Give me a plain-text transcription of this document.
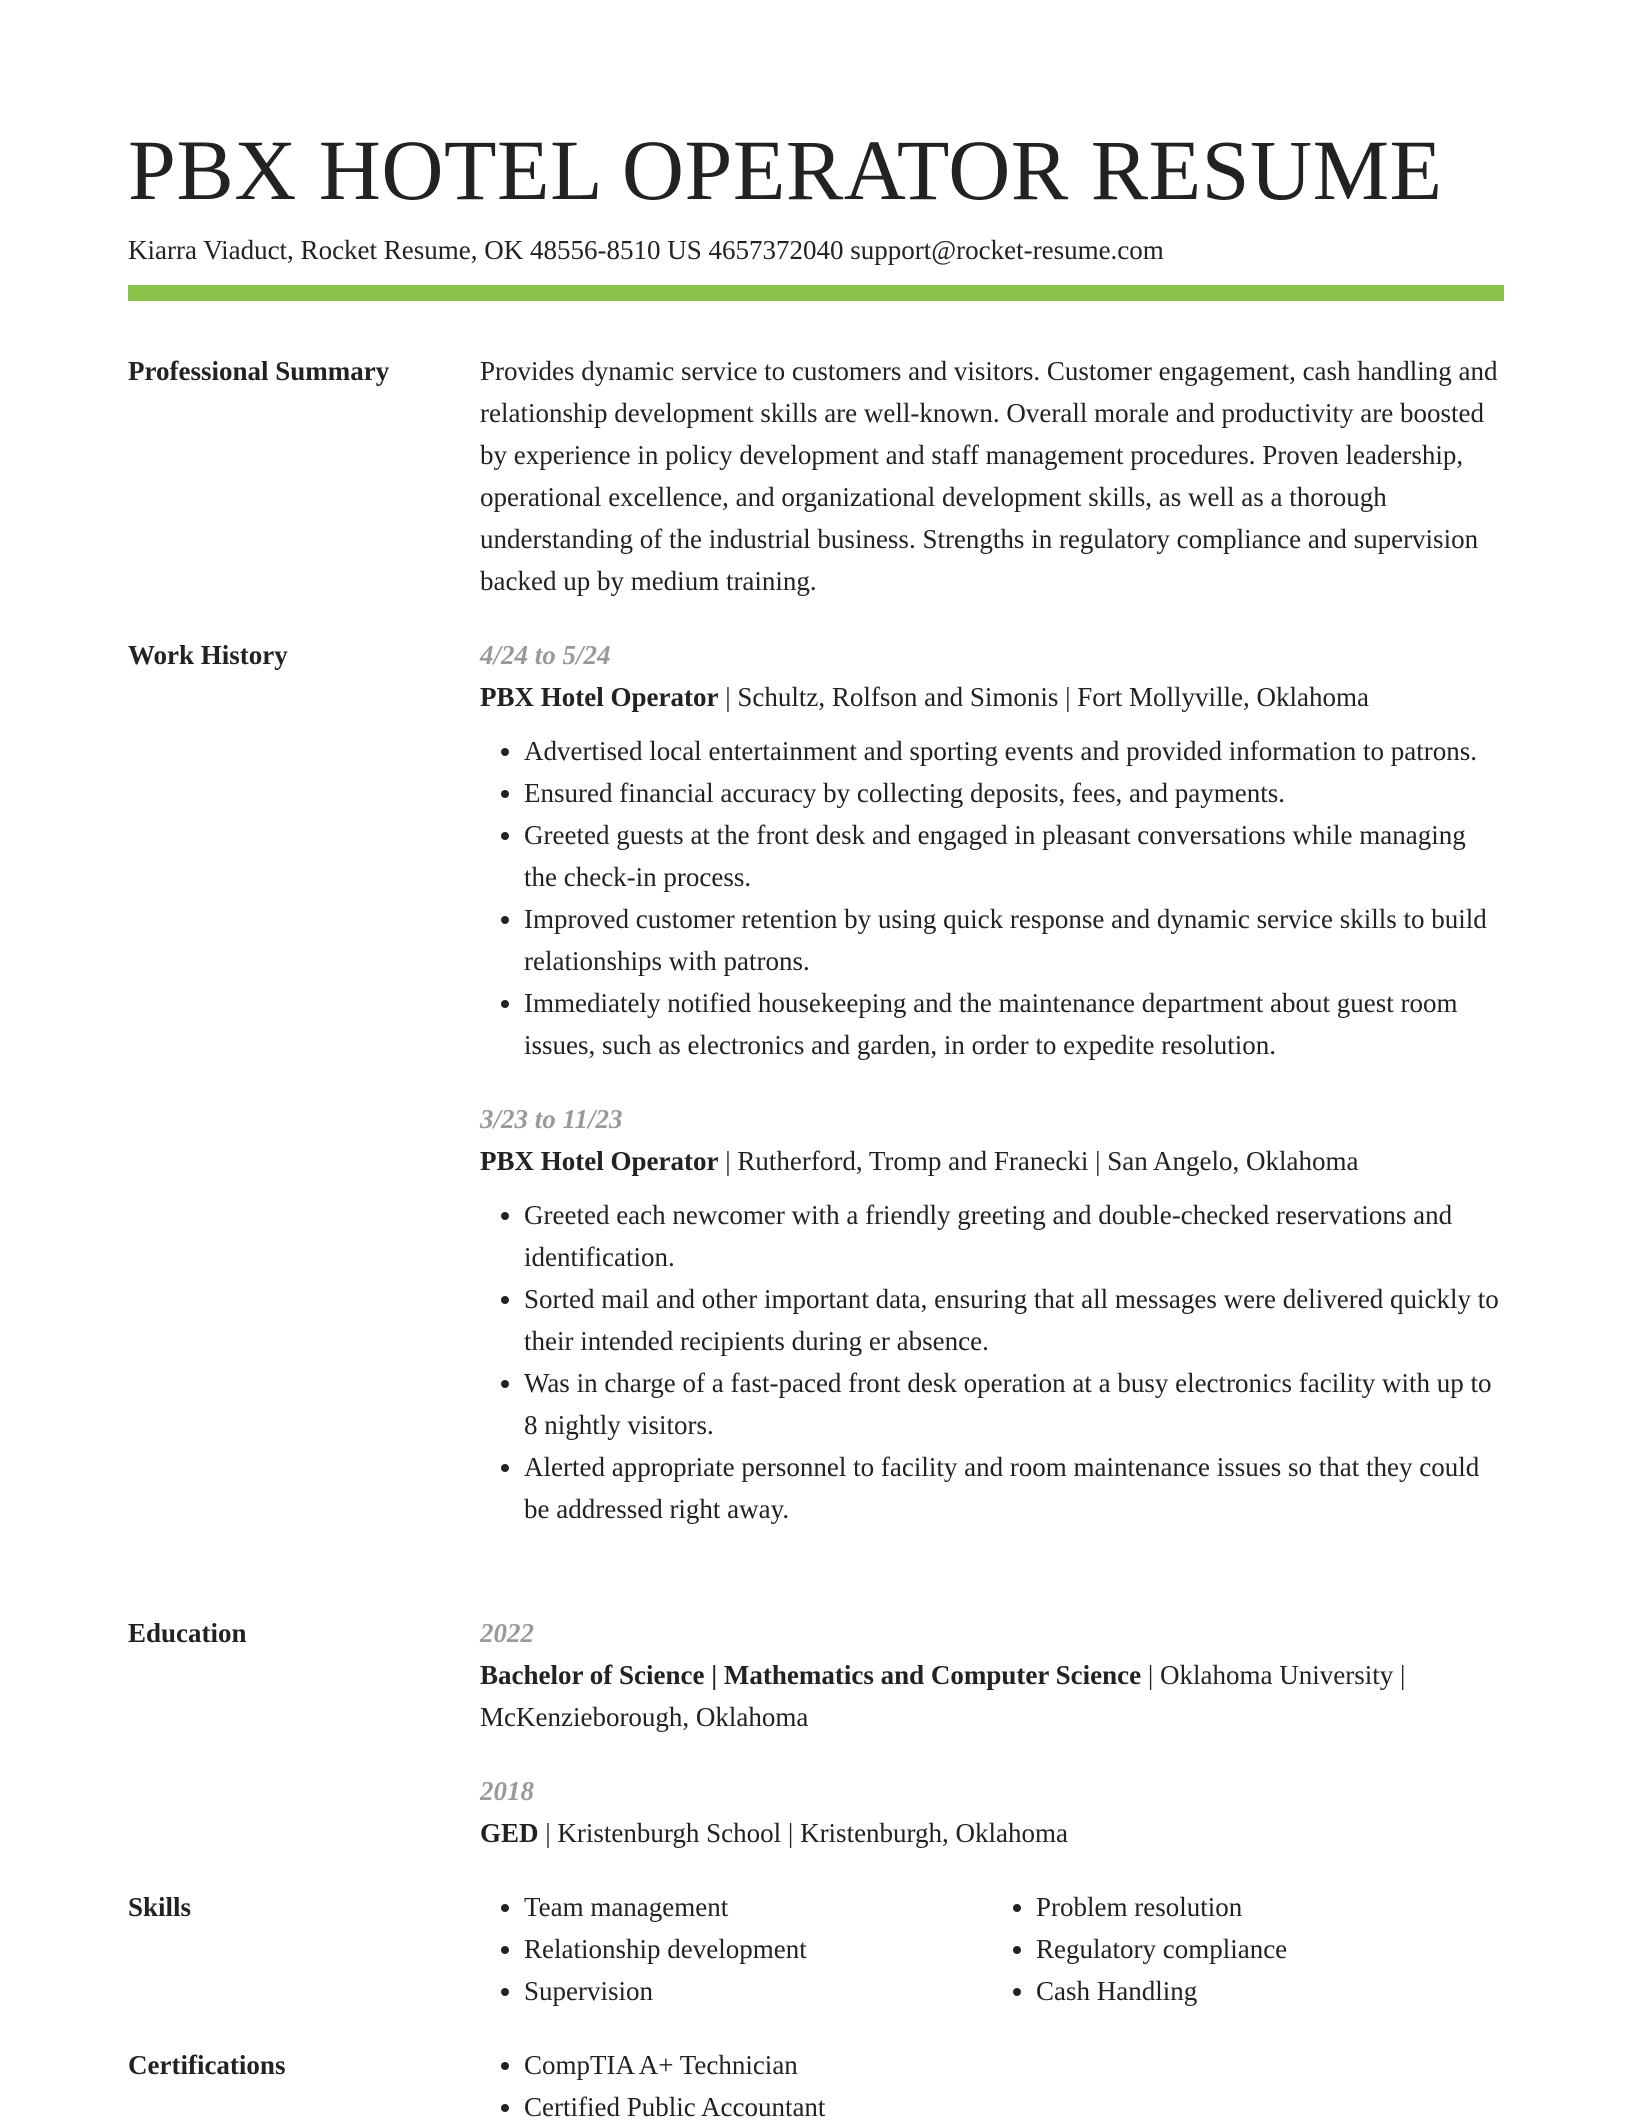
PBX HOTEL OPERATOR RESUME
Kiarra Viaduct, Rocket Resume, OK 48556-8510 US 4657372040 support@rocket-resume.com
Professional Summary	Provides dynamic service to customers and visitors. Customer engagement, cash handling and relationship development skills are well-known. Overall morale and productivity are boosted by experience in policy development and staff management procedures. Proven leadership, operational excellence, and organizational development skills, as well as a thorough understanding of the industrial business. Strengths in regulatory compliance and supervision backed up by medium training.

Work History	4/24 to 5/24
PBX Hotel Operator | Schultz, Rolfson and Simonis | Fort Mollyville, Oklahoma
• Advertised local entertainment and sporting events and provided information to patrons.
• Ensured financial accuracy by collecting deposits, fees, and payments.
• Greeted guests at the front desk and engaged in pleasant conversations while managing the check-in process.
• Improved customer retention by using quick response and dynamic service skills to build relationships with patrons.
• Immediately notified housekeeping and the maintenance department about guest room issues, such as electronics and garden, in order to expedite resolution.
3/23 to 11/23
PBX Hotel Operator | Rutherford, Tromp and Franecki | San Angelo, Oklahoma
• Greeted each newcomer with a friendly greeting and double-checked reservations and identification.
• Sorted mail and other important data, ensuring that all messages were delivered quickly to their intended recipients during er absence.
• Was in charge of a fast-paced front desk operation at a busy electronics facility with up to 8 nightly visitors.
• Alerted appropriate personnel to facility and room maintenance issues so that they could be addressed right away.
Education	2022
Bachelor of Science | Mathematics and Computer Science | Oklahoma University | McKenzieborough, Oklahoma
2018
GED | Kristenburgh School | Kristenburgh, Oklahoma
Skills	• Team management
• Relationship development
• Supervision
• Problem resolution
• Regulatory compliance
• Cash Handling
Certifications	• CompTIA A+ Technician
• Certified Public Accountant
